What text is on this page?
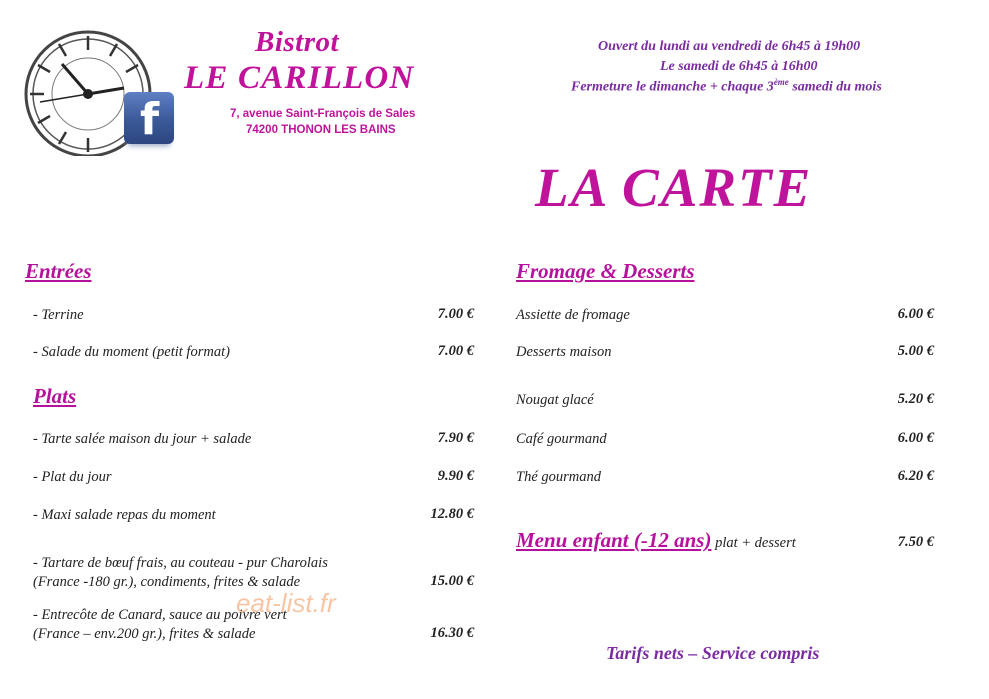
f
Bistrot
LE CARILLON
7, avenue Saint-François de Sales
74200 THONON LES BAINS
Ouvert du lundi au vendredi de 6h45 à 19h00
Le samedi de 6h45 à 16h00
Fermeture le dimanche + chaque 3ème samedi du mois
LA CARTE
Entrées
- Terrine	7.00 €
- Salade du moment (petit format)	7.00 €
Plats
- Tarte salée maison du jour + salade	7.90 €
- Plat du jour	9.90 €
- Maxi salade repas du moment	12.80 €
- Tartare de bœuf frais, au couteau - pur Charolais
(France -180 gr.), condiments, frites & salade	15.00 €
- Entrecôte de Canard, sauce au poivre vert
(France – env.200 gr.), frites & salade	16.30 €
Fromage & Desserts
Assiette de fromage	6.00 €
Desserts maison	5.00 €
Nougat glacé	5.20 €
Café gourmand	6.00 €
Thé gourmand	6.20 €
Menu enfant (-12 ans) plat + dessert	7.50 €
Tarifs nets – Service compris
eat-list.fr
